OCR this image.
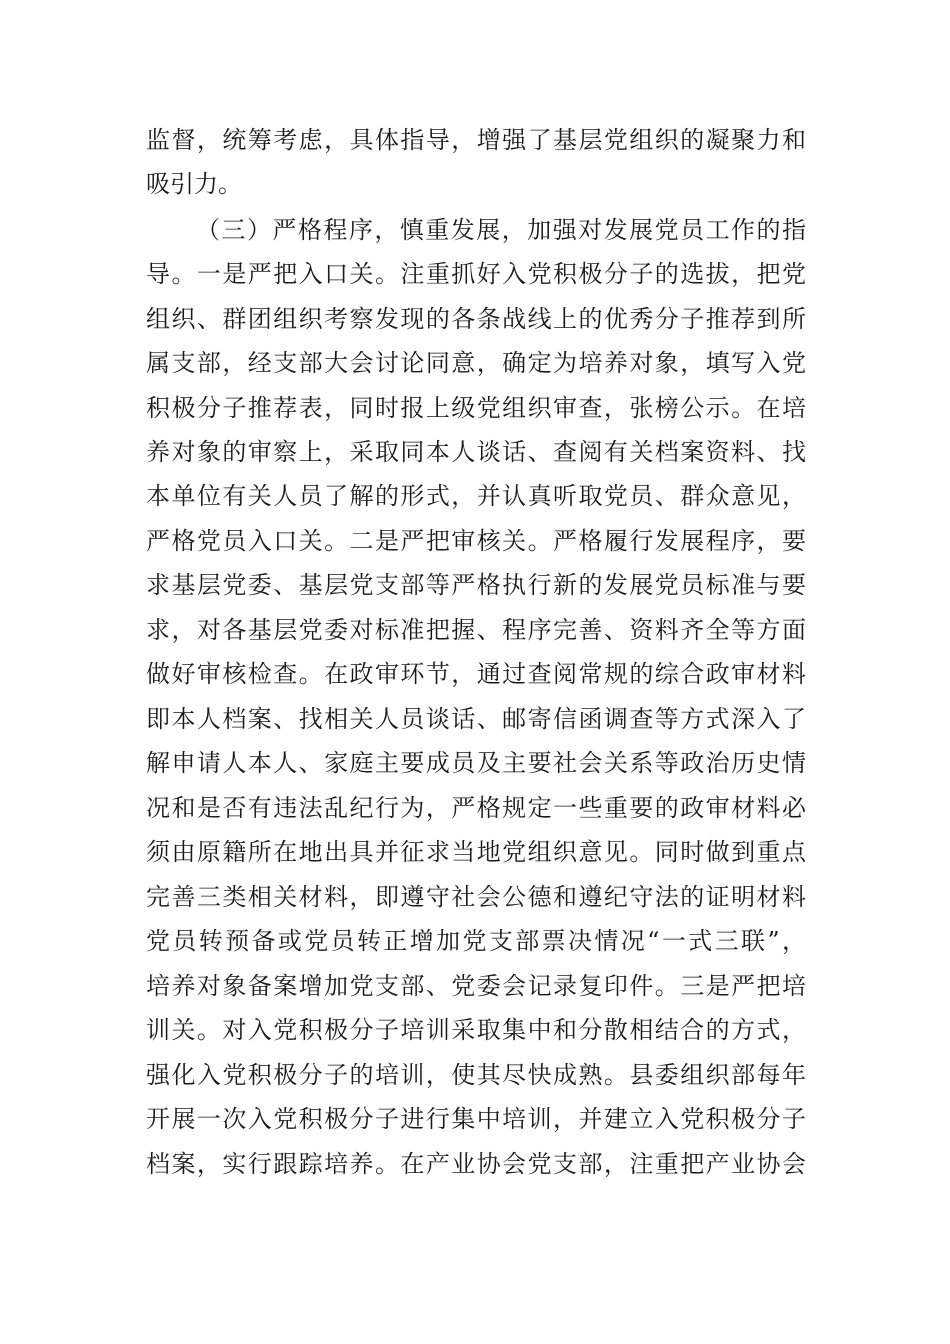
监督，统筹考虑，具体指导，增强了基层党组织的凝聚力和
吸引力。
（三）严格程序，慎重发展，加强对发展党员工作的指
导。一是严把入口关。注重抓好入党积极分子的选拔，把党
组织、群团组织考察发现的各条战线上的优秀分子推荐到所
属支部，经支部大会讨论同意，确定为培养对象，填写入党
积极分子推荐表，同时报上级党组织审查，张榜公示。在培
养对象的审察上，采取同本人谈话、查阅有关档案资料、找
本单位有关人员了解的形式，并认真听取党员、群众意见，
严格党员入口关。二是严把审核关。严格履行发展程序，要
求基层党委、基层党支部等严格执行新的发展党员标准与要
求，对各基层党委对标准把握、程序完善、资料齐全等方面
做好审核检查。在政审环节，通过查阅常规的综合政审材料
即本人档案、找相关人员谈话、邮寄信函调查等方式深入了
解申请人本人、家庭主要成员及主要社会关系等政治历史情
况和是否有违法乱纪行为，严格规定一些重要的政审材料必
须由原籍所在地出具并征求当地党组织意见。同时做到重点
完善三类相关材料，即遵守社会公德和遵纪守法的证明材料
党员转预备或党员转正增加党支部票决情况“一式三联”，
培养对象备案增加党支部、党委会记录复印件。三是严把培
训关。对入党积极分子培训采取集中和分散相结合的方式，
强化入党积极分子的培训，使其尽快成熟。县委组织部每年
开展一次入党积极分子进行集中培训，并建立入党积极分子
档案，实行跟踪培养。在产业协会党支部，注重把产业协会
